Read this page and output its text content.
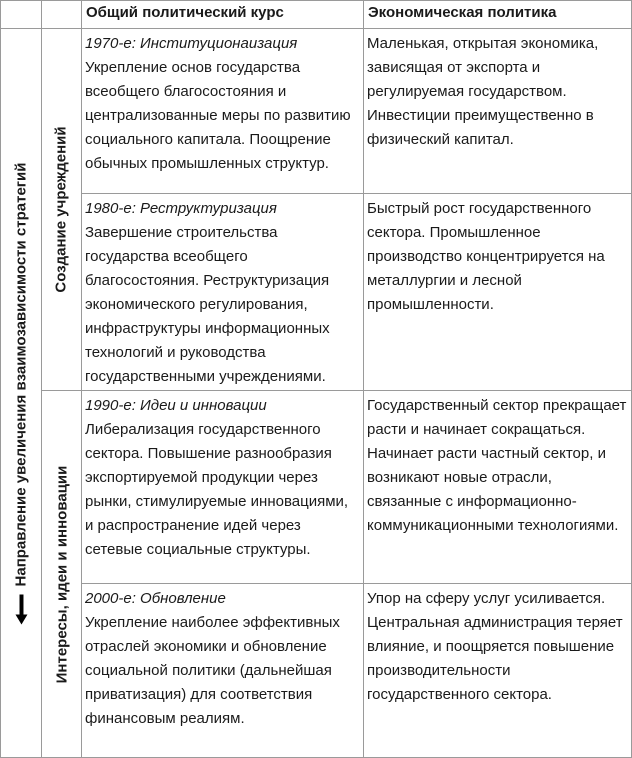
Общий политический курс	Экономическая политика
Направление увеличения взаимозависимости стратегий Создание учреждений
Интересы, идеи и инновации
1970-е: Институционаизация
Укрепление основ государства всеобщего благосостояния и централизованные меры по развитию социального капитала. Поощрение обычных промышленных структур.
Маленькая, открытая экономика, зависящая от экспорта и регулируемая государством. Инвестиции преимущественно в физический капитал.
1980-е: Реструктуризация
Завершение строительства государства всеобщего благосостояния. Реструктуризация экономического регулирования, инфраструктуры информационных технологий и руководства государственными учреждениями.
Быстрый рост государственного сектора. Промышленное производство концентрируется на металлургии и лесной промышленности.
1990-е: Идеи и инновации
Либерализация государственного сектора. Повышение разнообразия экспортируемой продукции через рынки, стимулируемые инновациями, и распространение идей через сетевые социальные структуры.
Государственный сектор прекращает расти и начинает сокращаться. Начинает расти частный сектор, и возникают новые отрасли, связанные с информационно-коммуникационными технологиями.
2000-е: Обновление
Укрепление наиболее эффективных отраслей экономики и обновление социальной политики (дальнейшая приватизация) для соответствия финансовым реалиям.
Упор на сферу услуг усиливается. Центральная администрация теряет влияние, и поощряется повышение производительности государственного сектора.
